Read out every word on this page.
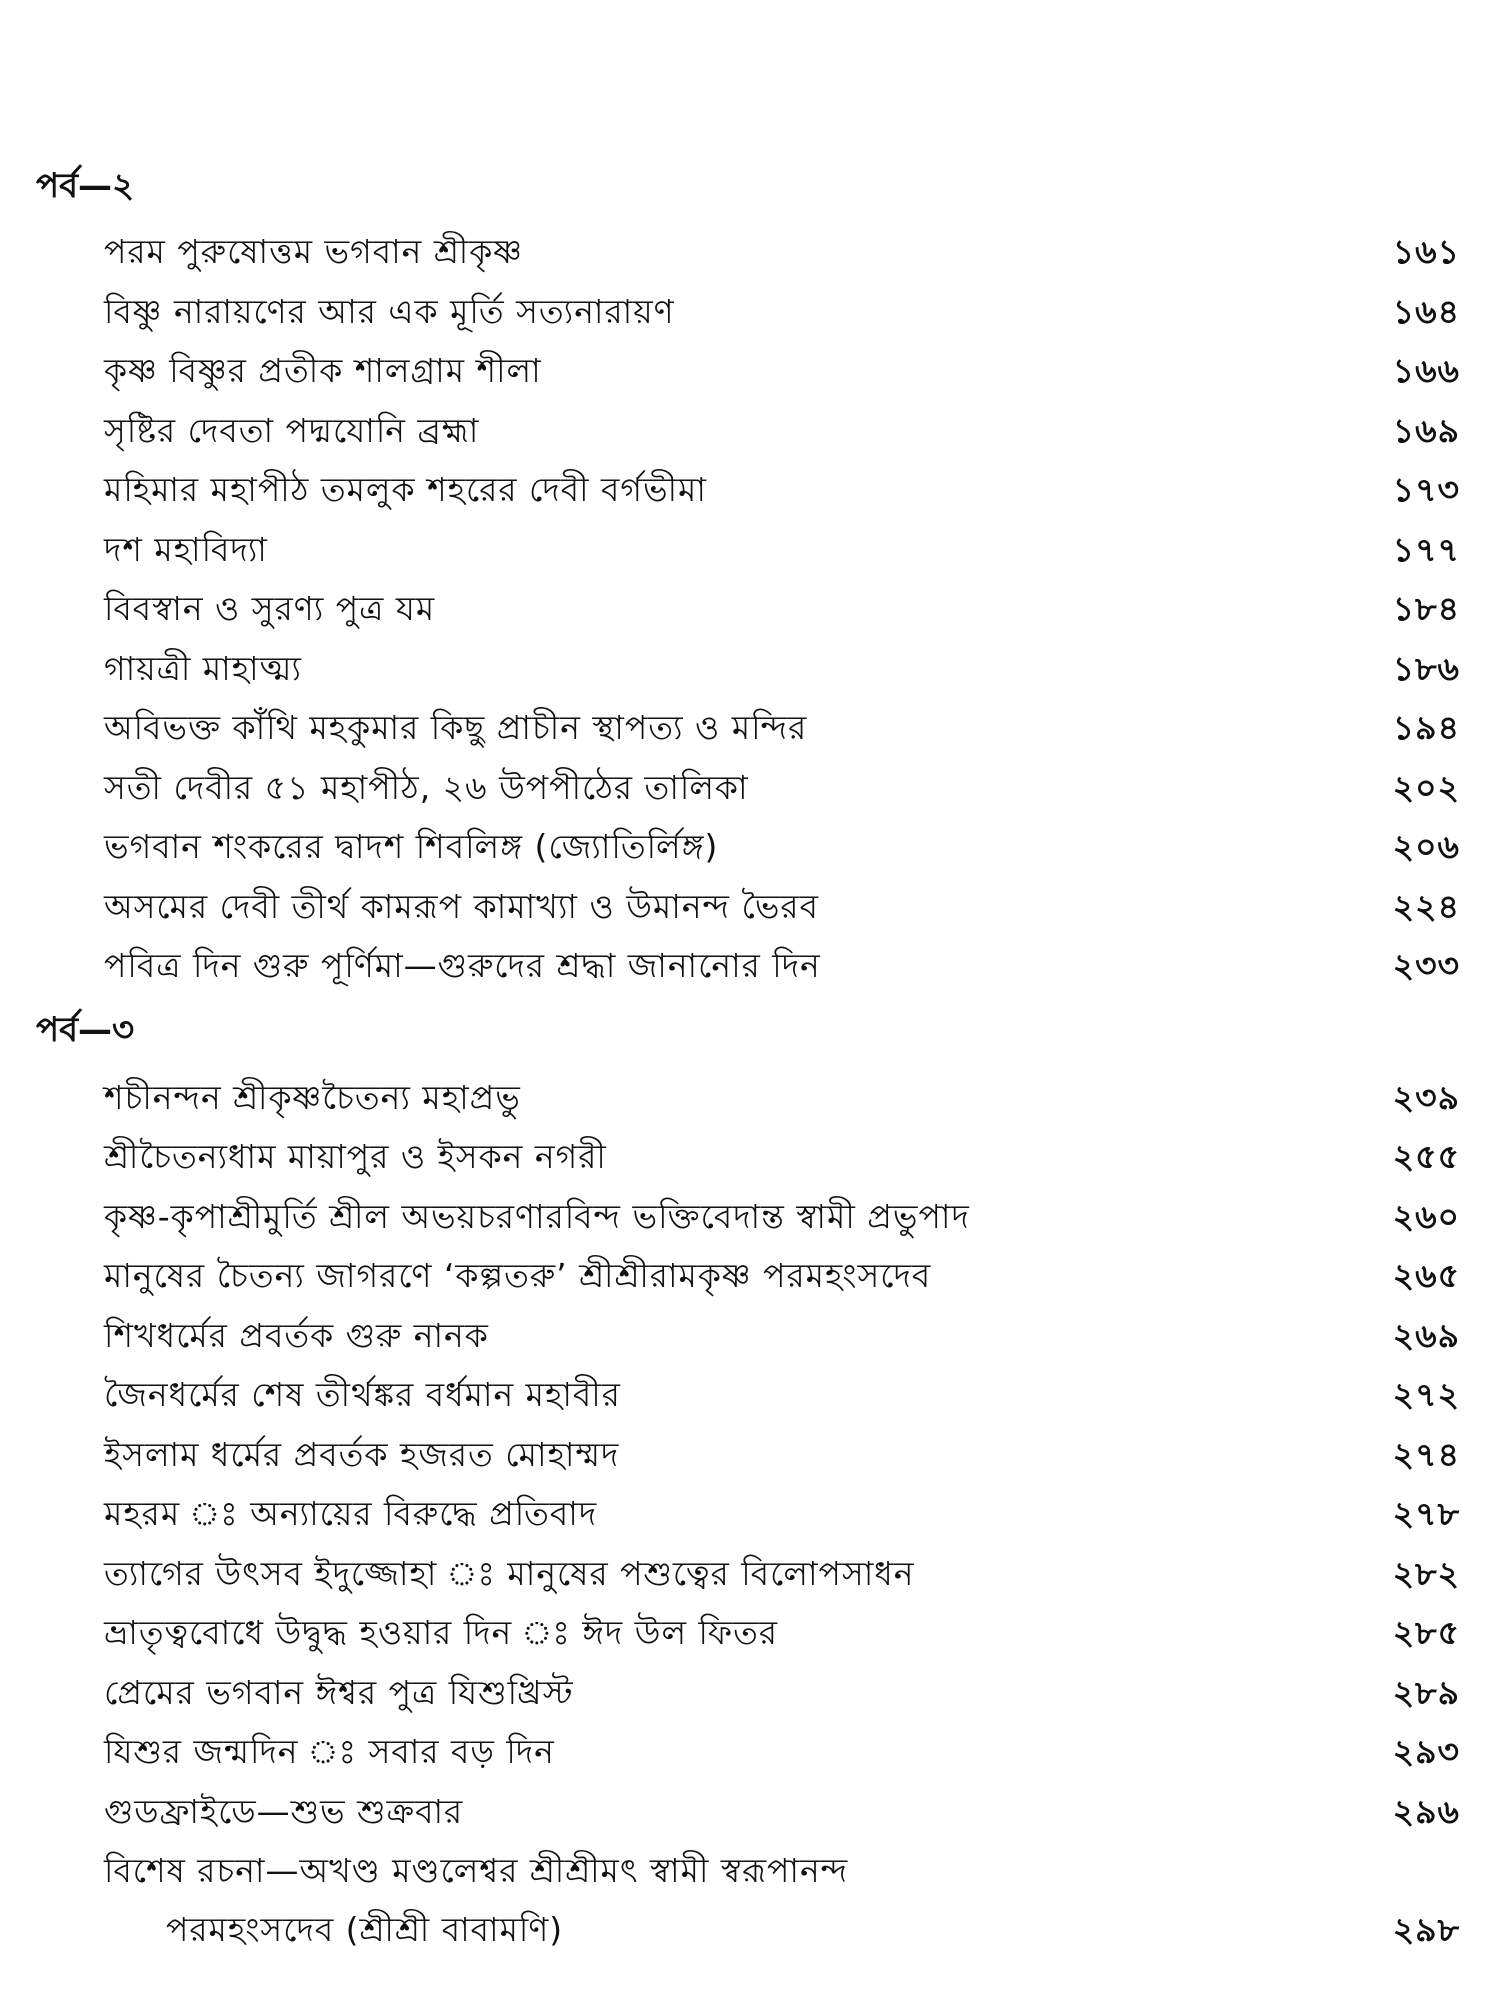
পর্ব—২
পরম পুরুষোত্তম ভগবান শ্রীকৃষ্ণ	১৬১
বিষ্ণু নারায়ণের আর এক মূর্তি সত্যনারায়ণ	১৬৪
কৃষ্ণ বিষ্ণুর প্রতীক শালগ্রাম শীলা	১৬৬
সৃষ্টির দেবতা পদ্মযোনি ব্রহ্মা	১৬৯
মহিমার মহাপীঠ তমলুক শহরের দেবী বর্গভীমা	১৭৩
দশ মহাবিদ্যা	১৭৭
বিবস্বান ও সুরণ্য পুত্র যম	১৮৪
গায়ত্রী মাহাত্ম্য	১৮৬
অবিভক্ত কাঁথি মহকুমার কিছু প্রাচীন স্থাপত্য ও মন্দির	১৯৪
সতী দেবীর ৫১ মহাপীঠ, ২৬ উপপীঠের তালিকা	২০২
ভগবান শংকরের দ্বাদশ শিবলিঙ্গ (জ্যোতির্লিঙ্গ)	২০৬
অসমের দেবী তীর্থ কামরূপ কামাখ্যা ও উমানন্দ ভৈরব	২২৪
পবিত্র দিন গুরু পূর্ণিমা—গুরুদের শ্রদ্ধা জানানোর দিন	২৩৩
পর্ব—৩
শচীনন্দন শ্রীকৃষ্ণচৈতন্য মহাপ্রভু	২৩৯
শ্রীচৈতন্যধাম মায়াপুর ও ইসকন নগরী	২৫৫
কৃষ্ণ-কৃপাশ্রীমুর্তি শ্রীল অভয়চরণারবিন্দ ভক্তিবেদান্ত স্বামী প্রভুপাদ	২৬০
মানুষের চৈতন্য জাগরণে ‘কল্পতরু’ শ্রীশ্রীরামকৃষ্ণ পরমহংসদেব	২৬৫
শিখধর্মের প্রবর্তক গুরু নানক	২৬৯
জৈনধর্মের শেষ তীর্থঙ্কর বর্ধমান মহাবীর	২৭২
ইসলাম ধর্মের প্রবর্তক হজরত মোহাম্মদ	২৭৪
মহরম ঃ অন্যায়ের বিরুদ্ধে প্রতিবাদ	২৭৮
ত্যাগের উৎসব ইদুজ্জোহা ঃ মানুষের পশুত্বের বিলোপসাধন	২৮২
ভ্রাতৃত্ববোধে উদ্বুদ্ধ হওয়ার দিন ঃ ঈদ উল ফিতর	২৮৫
প্রেমের ভগবান ঈশ্বর পুত্র যিশুখ্রিস্ট	২৮৯
যিশুর জন্মদিন ঃ সবার বড় দিন	২৯৩
গুডফ্রাইডে—শুভ শুক্রবার	২৯৬
বিশেষ রচনা—অখণ্ড মণ্ডলেশ্বর শ্রীশ্রীমৎ স্বামী স্বরূপানন্দ
পরমহংসদেব (শ্রীশ্রী বাবামণি)	২৯৮
